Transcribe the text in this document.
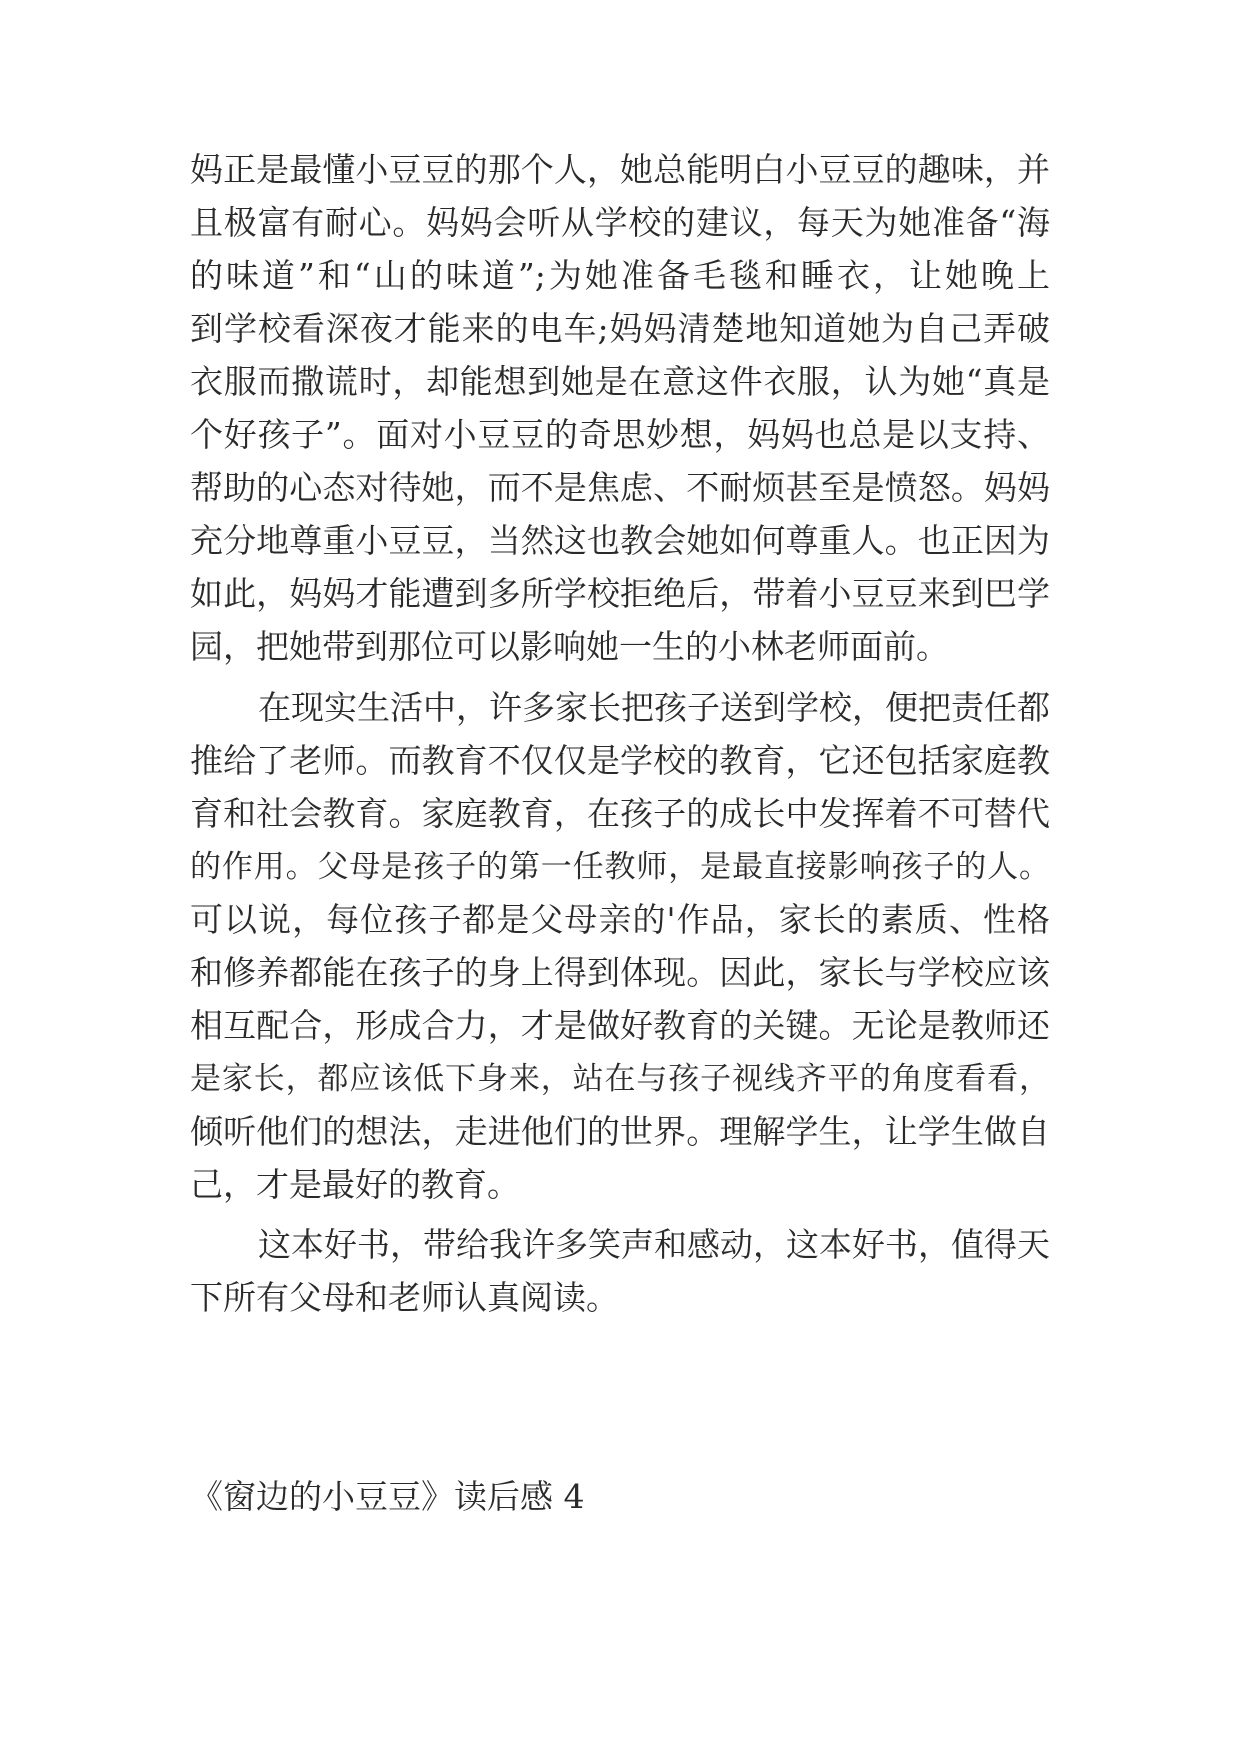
妈正是最懂小豆豆的那个人，她总能明白小豆豆的趣味，并
且极富有耐心。妈妈会听从学校的建议，每天为她准备“海
的味道”和“山的味道”;为她准备毛毯和睡衣，让她晚上
到学校看深夜才能来的电车;妈妈清楚地知道她为自己弄破
衣服而撒谎时，却能想到她是在意这件衣服，认为她“真是
个好孩子”。面对小豆豆的奇思妙想，妈妈也总是以支持、
帮助的心态对待她，而不是焦虑、不耐烦甚至是愤怒。妈妈
充分地尊重小豆豆，当然这也教会她如何尊重人。也正因为
如此，妈妈才能遭到多所学校拒绝后，带着小豆豆来到巴学
园，把她带到那位可以影响她一生的小林老师面前。
在现实生活中，许多家长把孩子送到学校，便把责任都
推给了老师。而教育不仅仅是学校的教育，它还包括家庭教
育和社会教育。家庭教育，在孩子的成长中发挥着不可替代
的作用。父母是孩子的第一任教师，是最直接影响孩子的人。
可以说，每位孩子都是父母亲的'作品，家长的素质、性格
和修养都能在孩子的身上得到体现。因此，家长与学校应该
相互配合，形成合力，才是做好教育的关键。无论是教师还
是家长，都应该低下身来，站在与孩子视线齐平的角度看看，
倾听他们的想法，走进他们的世界。理解学生，让学生做自
己，才是最好的教育。
这本好书，带给我许多笑声和感动，这本好书，值得天
下所有父母和老师认真阅读。
《窗边的小豆豆》读后感 4
